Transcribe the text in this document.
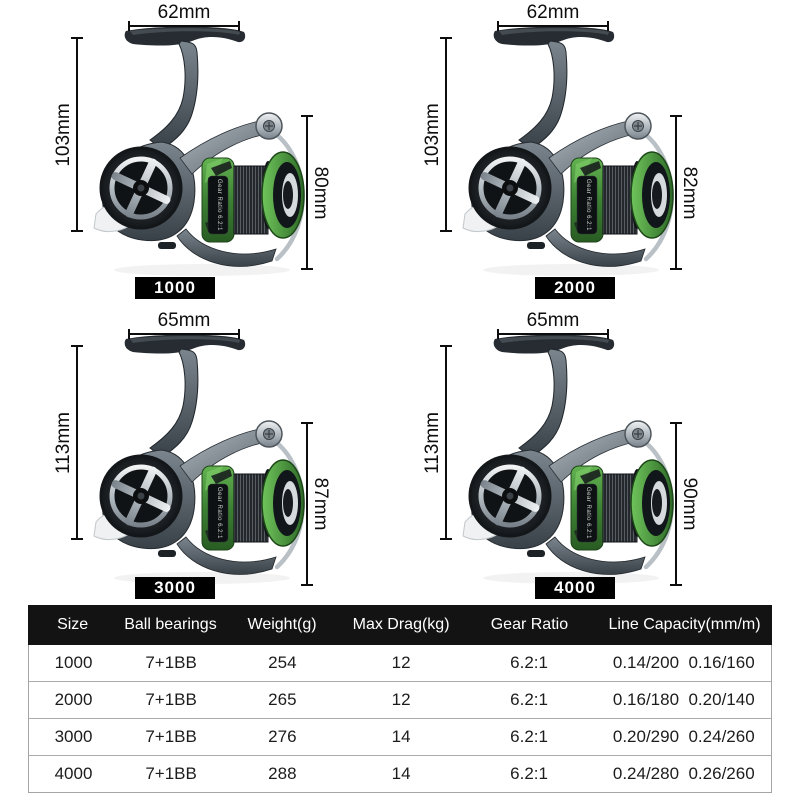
Gear Ratio 6.2:1
62mm
103mm
80mm
1000
Gear Ratio 6.2:1
62mm
103mm
82mm
2000
Gear Ratio 6.2:1
65mm
113mm
87mm
3000
Gear Ratio 6.2:1
65mm
113mm
90mm
4000
Size	Ball bearings	Weight(g)	Max Drag(kg)	Gear Ratio	Line Capacity(mm/m)
1000	7+1BB	254	12	6.2:1	0.14/200  0.16/160
2000	7+1BB	265	12	6.2:1	0.16/180  0.20/140
3000	7+1BB	276	14	6.2:1	0.20/290  0.24/260
4000	7+1BB	288	14	6.2:1	0.24/280  0.26/260
